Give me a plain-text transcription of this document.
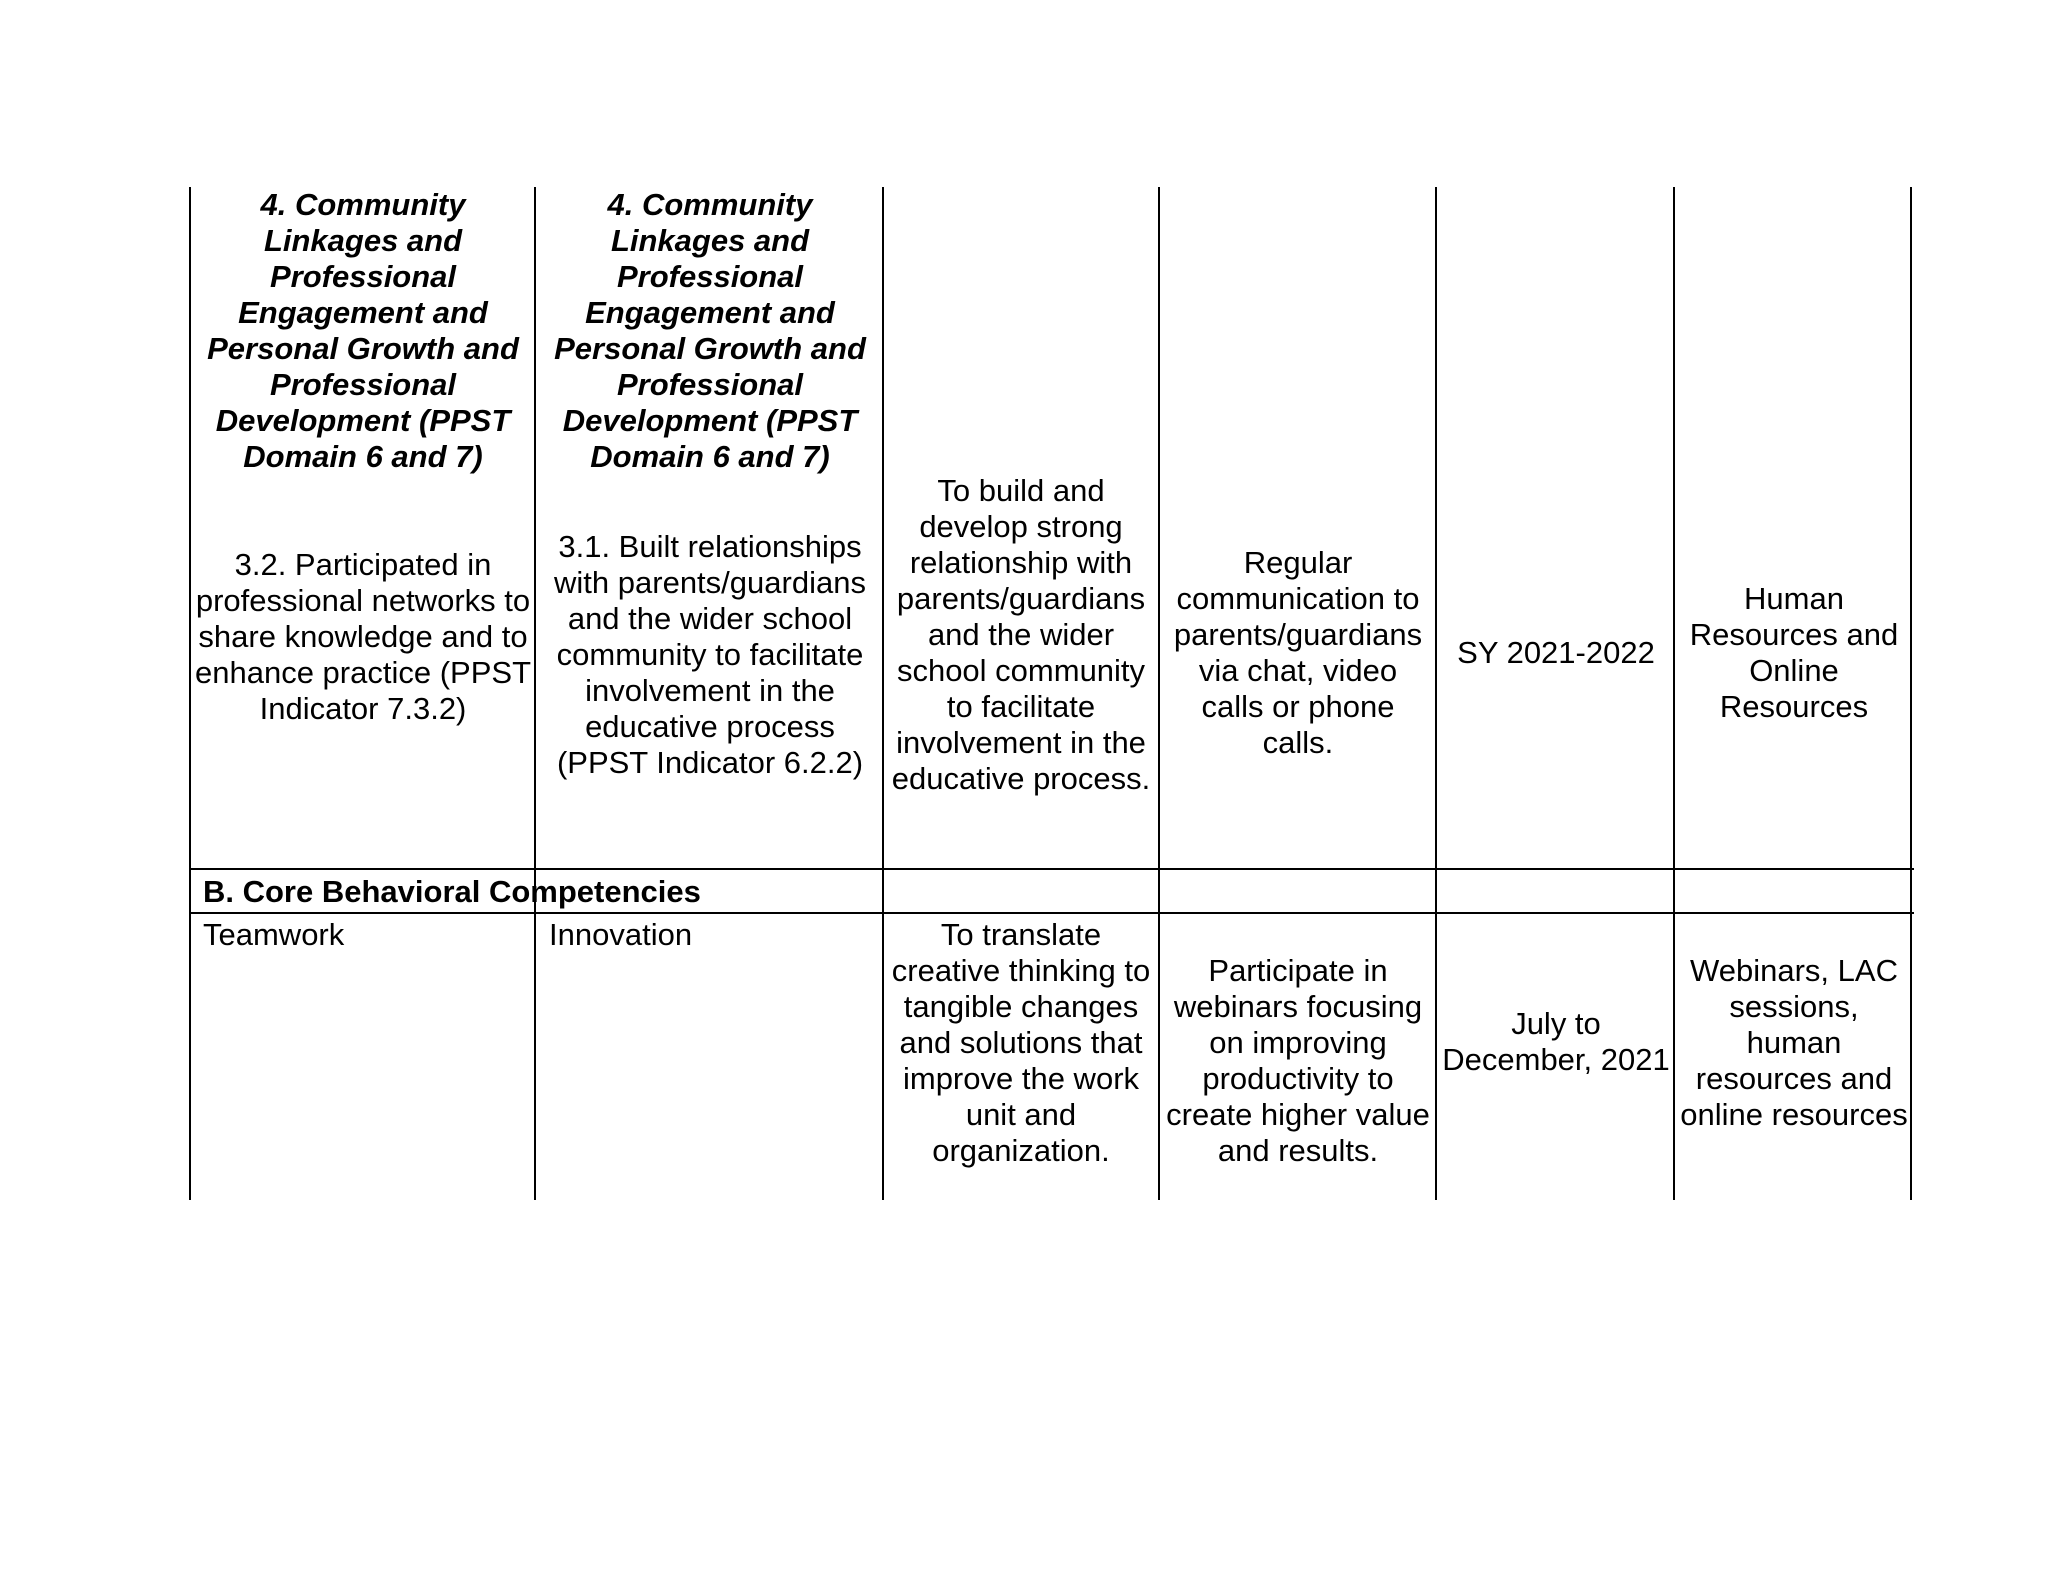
4. Community Linkages and Professional Engagement and Personal Growth and Professional Development (PPST Domain 6 and 7)
3.2. Participated in professional networks to share knowledge and to enhance practice (PPST Indicator 7.3.2)
4. Community Linkages and Professional Engagement and Personal Growth and Professional Development (PPST Domain 6 and 7)
3.1. Built relationships with parents/guardians and the wider school community to facilitate involvement in the educative process (PPST Indicator 6.2.2)
To build and develop strong relationship with parents/guardians and the wider school community to facilitate involvement in the educative process.
Regular communication to parents/guardians via chat, video calls or phone calls.
SY 2021-2022
Human Resources and Online Resources
B. Core Behavioral Competencies
Teamwork	Innovation	To translate creative thinking to tangible changes and solutions that improve the work unit and organization.
Participate in webinars focusing on improving productivity to create higher value and results.
July to December, 2021
Webinars, LAC sessions, human resources and online resources
